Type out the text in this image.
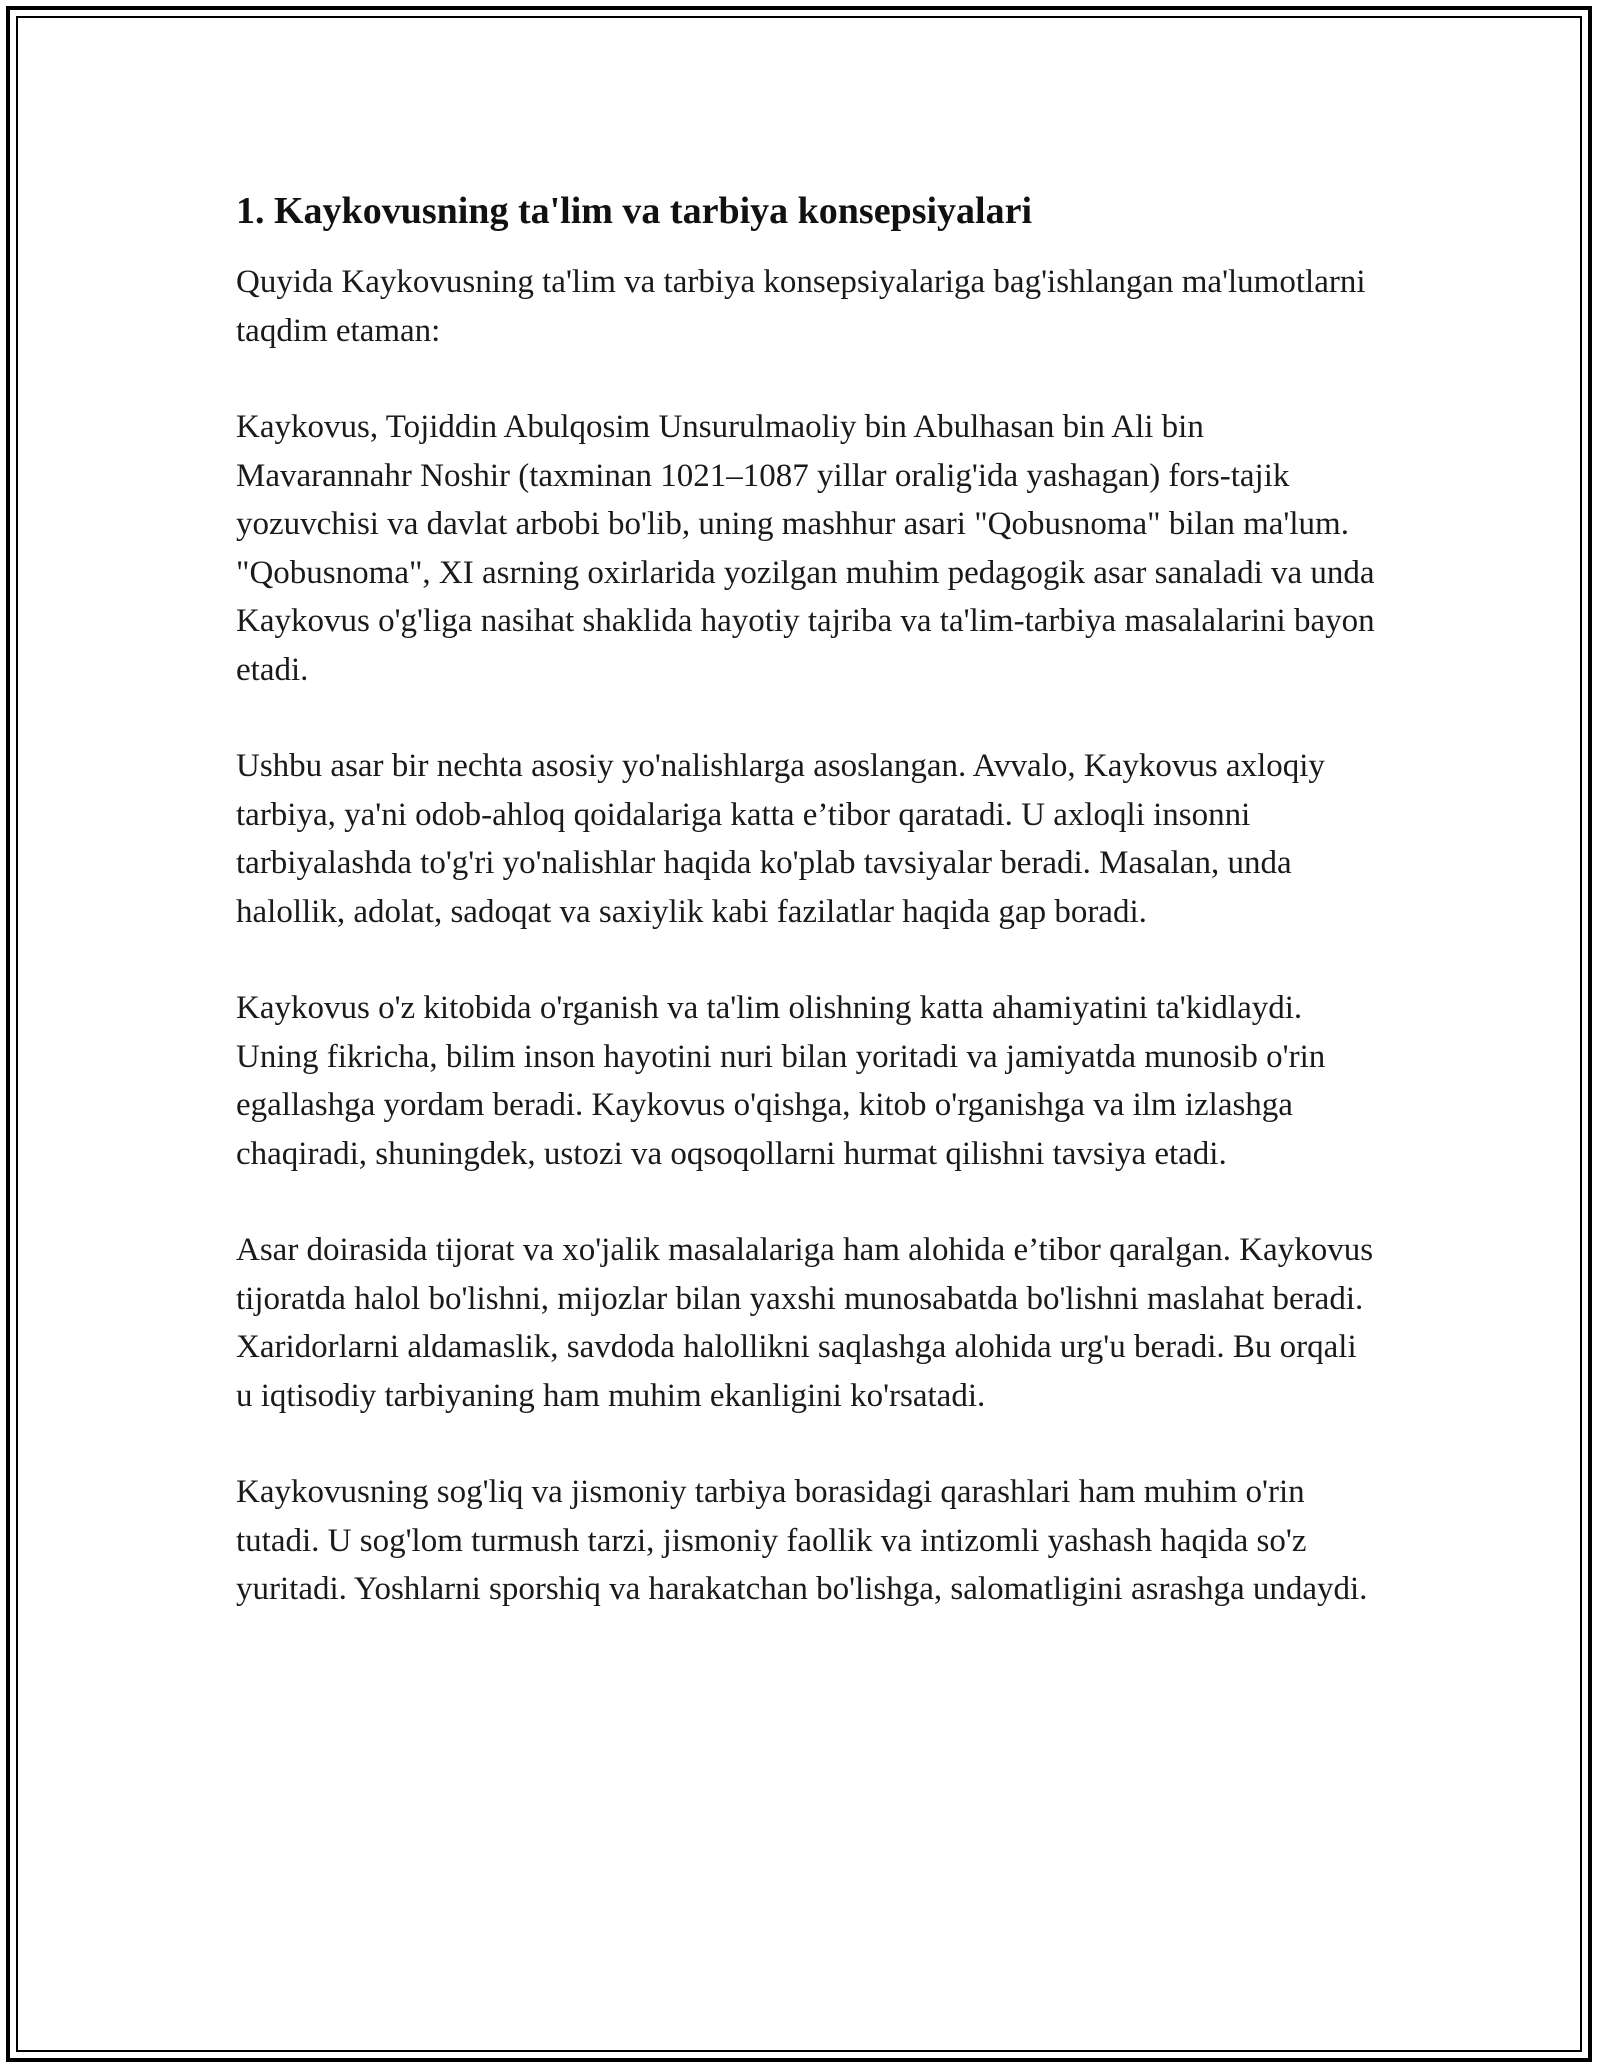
1. Kaykovusning ta'lim va tarbiya konsepsiyalari

Quyida Kaykovusning ta'lim va tarbiya konsepsiyalariga bag'ishlangan ma'lumotlarni taqdim etaman:

Kaykovus, Tojiddin Abulqosim Unsurulmaoliy bin Abulhasan bin Ali bin Mavarannahr Noshir (taxminan 1021–1087 yillar oralig'ida yashagan) fors-tajik yozuvchisi va davlat arbobi bo'lib, uning mashhur asari "Qobusnoma" bilan ma'lum. "Qobusnoma", XI asrning oxirlarida yozilgan muhim pedagogik asar sanaladi va unda Kaykovus o'g'liga nasihat shaklida hayotiy tajriba va ta'lim-tarbiya masalalarini bayon etadi.

Ushbu asar bir nechta asosiy yo'nalishlarga asoslangan. Avvalo, Kaykovus axloqiy tarbiya, ya'ni odob-ahloq qoidalariga katta e’tibor qaratadi. U axloqli insonni tarbiyalashda to'g'ri yo'nalishlar haqida ko'plab tavsiyalar beradi. Masalan, unda halollik, adolat, sadoqat va saxiylik kabi fazilatlar haqida gap boradi.

Kaykovus o'z kitobida o'rganish va ta'lim olishning katta ahamiyatini ta'kidlaydi. Uning fikricha, bilim inson hayotini nuri bilan yoritadi va jamiyatda munosib o'rin egallashga yordam beradi. Kaykovus o'qishga, kitob o'rganishga va ilm izlashga chaqiradi, shuningdek, ustozi va oqsoqollarni hurmat qilishni tavsiya etadi.

Asar doirasida tijorat va xo'jalik masalalariga ham alohida e’tibor qaralgan. Kaykovus tijoratda halol bo'lishni, mijozlar bilan yaxshi munosabatda bo'lishni maslahat beradi. Xaridorlarni aldamaslik, savdoda halollikni saqlashga alohida urg'u beradi. Bu orqali u iqtisodiy tarbiyaning ham muhim ekanligini ko'rsatadi.

Kaykovusning sog'liq va jismoniy tarbiya borasidagi qarashlari ham muhim o'rin tutadi. U sog'lom turmush tarzi, jismoniy faollik va intizomli yashash haqida so'z yuritadi. Yoshlarni sporshiq va harakatchan bo'lishga, salomatligini asrashga undaydi.
